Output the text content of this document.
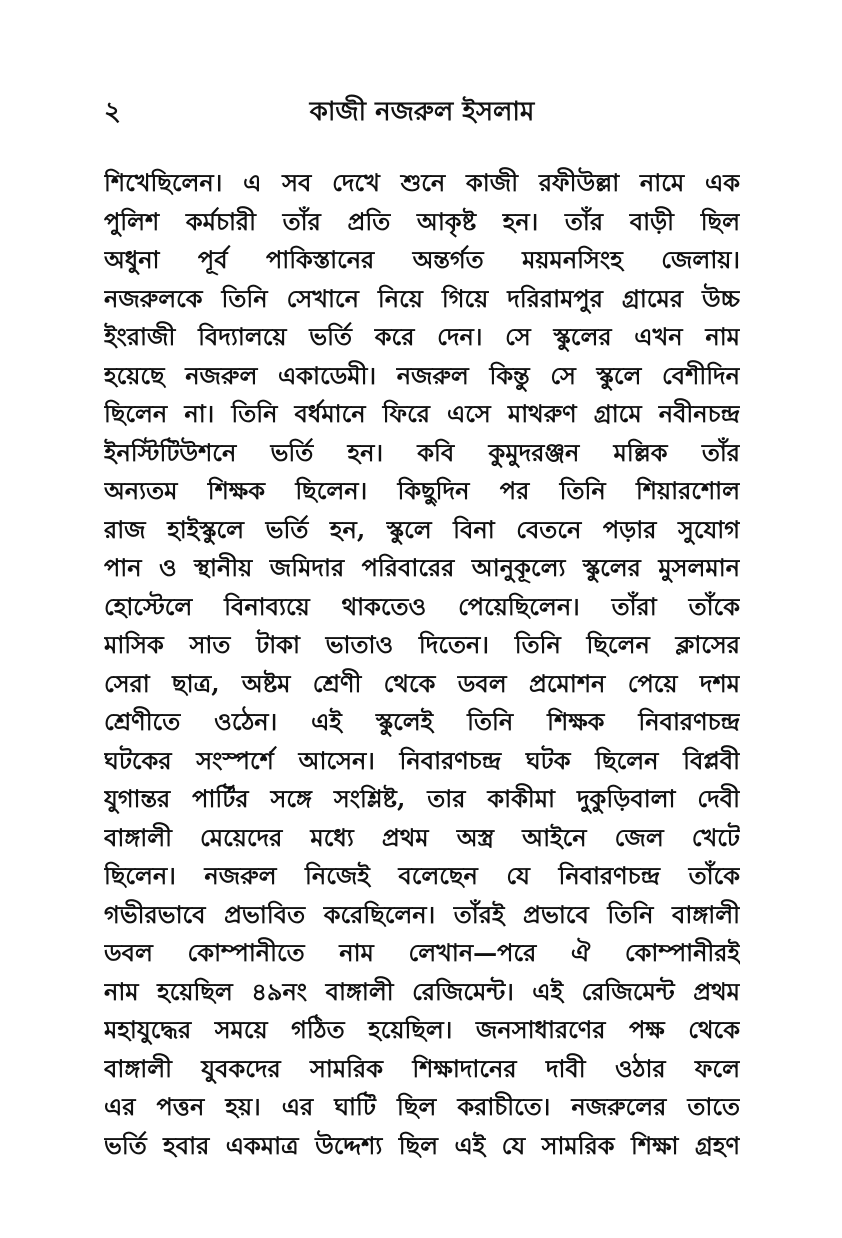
২	কাজী নজরুল ইসলাম
শিখেছিলেন। এ সব দেখে শুনে কাজী রফীউল্লা নামে এক
পুলিশ কর্মচারী তাঁর প্রতি আকৃষ্ট হন। তাঁর বাড়ী ছিল
অধুনা পূর্ব পাকিস্তানের অন্তর্গত ময়মনসিংহ জেলায়।
নজরুলকে তিনি সেখানে নিয়ে গিয়ে দরিরামপুর গ্রামের উচ্চ
ইংরাজী বিদ্যালয়ে ভর্তি করে দেন। সে স্কুলের এখন নাম
হয়েছে নজরুল একাডেমী। নজরুল কিন্তু সে স্কুলে বেশীদিন
ছিলেন না। তিনি বর্ধমানে ফিরে এসে মাথরুণ গ্রামে নবীনচন্দ্র
ইনস্টিটিউশনে ভর্তি হন। কবি কুমুদরঞ্জন মল্লিক তাঁর
অন্যতম শিক্ষক ছিলেন। কিছুদিন পর তিনি শিয়ারশোল
রাজ হাইস্কুলে ভর্তি হন, স্কুলে বিনা বেতনে পড়ার সুযোগ
পান ও স্থানীয় জমিদার পরিবারের আনুকূল্যে স্কুলের মুসলমান
হোস্টেলে বিনাব্যয়ে থাকতেও পেয়েছিলেন। তাঁরা তাঁকে
মাসিক সাত টাকা ভাতাও দিতেন। তিনি ছিলেন ক্লাসের
সেরা ছাত্র, অষ্টম শ্রেণী থেকে ডবল প্রমোশন পেয়ে দশম
শ্রেণীতে ওঠেন। এই স্কুলেই তিনি শিক্ষক নিবারণচন্দ্র
ঘটকের সংস্পর্শে আসেন। নিবারণচন্দ্র ঘটক ছিলেন বিপ্লবী
যুগান্তর পার্টির সঙ্গে সংশ্লিষ্ট, তার কাকীমা দুকুড়িবালা দেবী
বাঙ্গালী মেয়েদের মধ্যে প্রথম অস্ত্র আইনে জেল খেটে
ছিলেন। নজরুল নিজেই বলেছেন যে নিবারণচন্দ্র তাঁকে
গভীরভাবে প্রভাবিত করেছিলেন। তাঁরই প্রভাবে তিনি বাঙ্গালী
ডবল কোম্পানীতে নাম লেখান—পরে ঐ কোম্পানীরই
নাম হয়েছিল ৪৯নং বাঙ্গালী রেজিমেন্ট। এই রেজিমেন্ট প্রথম
মহাযুদ্ধের সময়ে গঠিত হয়েছিল। জনসাধারণের পক্ষ থেকে
বাঙ্গালী যুবকদের সামরিক শিক্ষাদানের দাবী ওঠার ফলে
এর পত্তন হয়। এর ঘাটি ছিল করাচীতে। নজরুলের তাতে
ভর্তি হবার একমাত্র উদ্দেশ্য ছিল এই যে সামরিক শিক্ষা গ্রহণ
